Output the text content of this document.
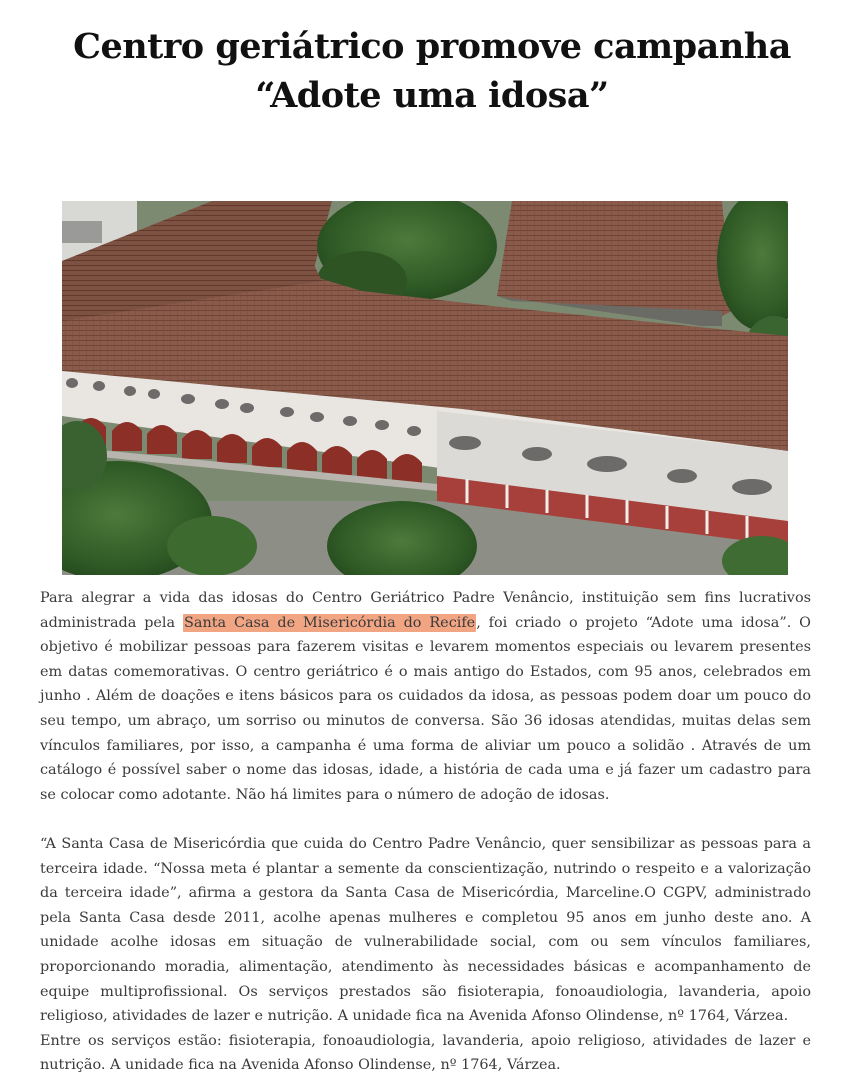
Centro geriátrico promove campanha “Adote uma idosa”

Para alegrar a vida das idosas do Centro Geriátrico Padre Venâncio, instituição sem fins lucrativos administrada pela Santa Casa de Misericórdia do Recife, foi criado o projeto “Adote uma idosa”. O objetivo é mobilizar pessoas para fazerem visitas e levarem momentos especiais ou levarem presentes em datas comemorativas. O centro geriátrico é o mais antigo do Estados, com 95 anos, celebrados em junho . Além de doações e itens básicos para os cuidados da idosa, as pessoas podem doar um pouco do seu tempo, um abraço, um sorriso ou minutos de conversa. São 36 idosas atendidas, muitas delas sem vínculos familiares, por isso, a campanha é uma forma de aliviar um pouco a solidão . Através de um catálogo é possível saber o nome das idosas, idade, a história de cada uma e já fazer um cadastro para se colocar como adotante. Não há limites para o número de adoção de idosas.

“A Santa Casa de Misericórdia que cuida do Centro Padre Venâncio, quer sensibilizar as pessoas para a terceira idade. “Nossa meta é plantar a semente da conscientização, nutrindo o respeito e a valorização da terceira idade”, afirma a gestora da Santa Casa de Misericórdia, Marceline.O CGPV, administrado pela Santa Casa desde 2011, acolhe apenas mulheres e completou 95 anos em junho deste ano. A unidade acolhe idosas em situação de vulnerabilidade social, com ou sem vínculos familiares, proporcionando moradia, alimentação, atendimento às necessidades básicas e acompanhamento de equipe multiprofissional. Os serviços prestados são fisioterapia, fonoaudiologia, lavanderia, apoio religioso, atividades de lazer e nutrição. A unidade fica na Avenida Afonso Olindense, nº 1764, Várzea.

Entre os serviços estão: fisioterapia, fonoaudiologia, lavanderia, apoio religioso, atividades de lazer e nutrição. A unidade fica na Avenida Afonso Olindense, nº 1764, Várzea.
